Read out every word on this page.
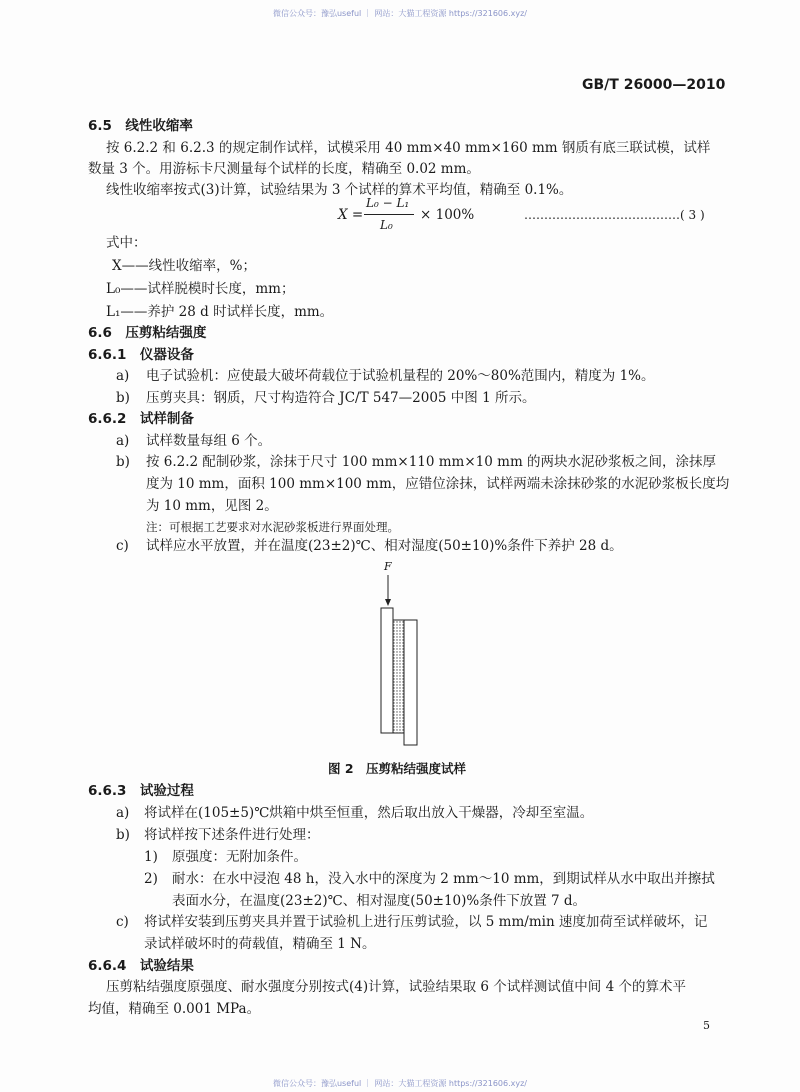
微信公众号：豫弘useful ｜ 网站：大猫工程资源 https://321606.xyz/
GB/T 26000—2010
6.5　线性收缩率
按 6.2.2 和 6.2.3 的规定制作试样，试模采用 40 mm×40 mm×160 mm 钢质有底三联试模，试样
数量 3 个。用游标卡尺测量每个试样的长度，精确至 0.02 mm。
线性收缩率按式(3)计算，试验结果为 3 个试样的算术平均值，精确至 0.1%。
X =
L₀ − L₁
L₀
× 100%	…………………………………( 3 )
式中：
X——线性收缩率，%；
L₀——试样脱模时长度，mm；
L₁——养护 28 d 时试样长度，mm。
6.6　压剪粘结强度
6.6.1　仪器设备
a) 电子试验机：应使最大破坏荷载位于试验机量程的 20%～80%范围内，精度为 1%。
b) 压剪夹具：钢质，尺寸构造符合 JC/T 547—2005 中图 1 所示。
6.6.2　试样制备
a) 试样数量每组 6 个。
b) 按 6.2.2 配制砂浆，涂抹于尺寸 100 mm×110 mm×10 mm 的两块水泥砂浆板之间，涂抹厚
度为 10 mm，面积 100 mm×100 mm，应错位涂抹，试样两端未涂抹砂浆的水泥砂浆板长度均
为 10 mm，见图 2。
注：可根据工艺要求对水泥砂浆板进行界面处理。
c) 试样应水平放置，并在温度(23±2)℃、相对湿度(50±10)%条件下养护 28 d。
F
图 2　压剪粘结强度试样
6.6.3　试验过程
a) 将试样在(105±5)℃烘箱中烘至恒重，然后取出放入干燥器，冷却至室温。
b) 将试样按下述条件进行处理：
1) 原强度：无附加条件。
2) 耐水：在水中浸泡 48 h，没入水中的深度为 2 mm～10 mm，到期试样从水中取出并擦拭
表面水分，在温度(23±2)℃、相对湿度(50±10)%条件下放置 7 d。
c) 将试样安装到压剪夹具并置于试验机上进行压剪试验，以 5 mm/min 速度加荷至试样破坏，记
录试样破坏时的荷载值，精确至 1 N。
6.6.4　试验结果
压剪粘结强度原强度、耐水强度分别按式(4)计算，试验结果取 6 个试样测试值中间 4 个的算术平
均值，精确至 0.001 MPa。
5
微信公众号：豫弘useful ｜ 网站：大猫工程资源 https://321606.xyz/
